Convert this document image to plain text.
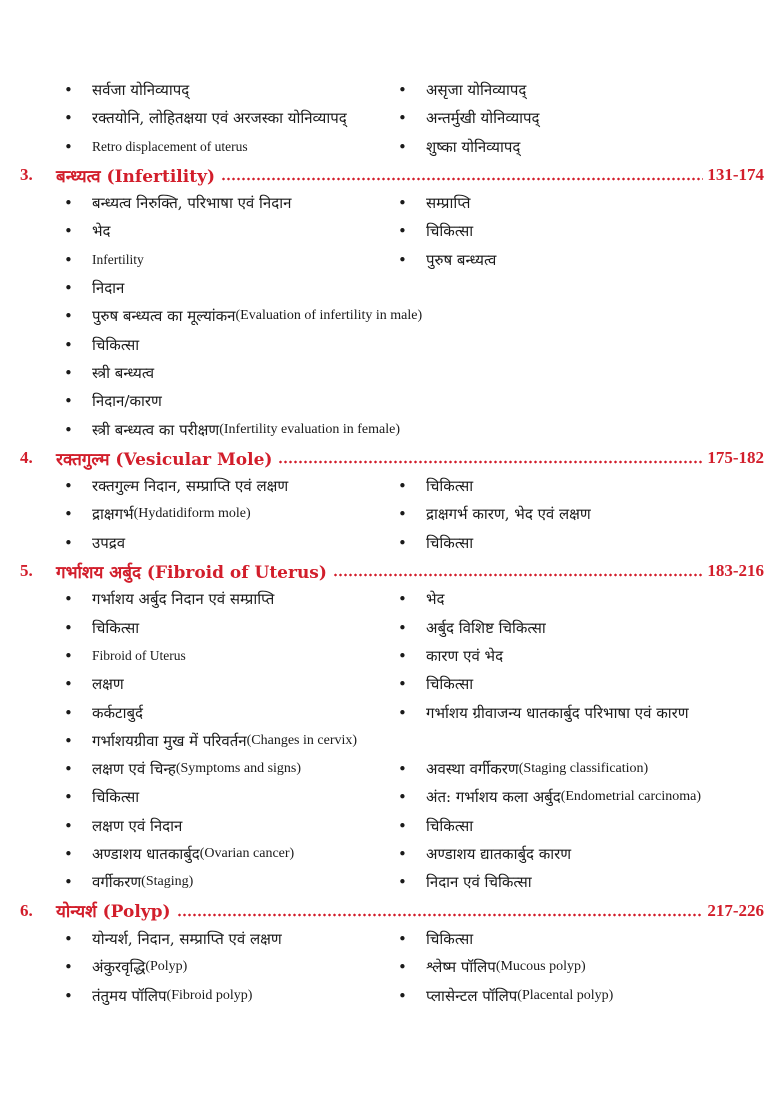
•	सर्वजा योनिव्यापद्	•	असृजा योनिव्यापद्
•	रक्तयोनि, लोहितक्षया एवं अरजस्का योनिव्यापद्	•	अन्तर्मुखी योनिव्यापद्
•	Retro displacement of uterus	•	शुष्का योनिव्यापद्
3. बन्ध्यत्व (Infertility)	131-174
•	बन्ध्यत्व निरुक्ति, परिभाषा एवं निदान	•	सम्प्राप्ति
•	भेद	•	चिकित्सा
•	Infertility	•	पुरुष बन्ध्यत्व
•	निदान
•	पुरुष बन्ध्यत्व का मूल्यांकन (Evaluation of infertility in male)
•	चिकित्सा
•	स्त्री बन्ध्यत्व
•	निदान/कारण
•	स्त्री बन्ध्यत्व का परीक्षण (Infertility evaluation in female)
4. रक्तगुल्म (Vesicular Mole)	175-182
•	रक्तगुल्म निदान, सम्प्राप्ति एवं लक्षण	•	चिकित्सा
•	द्राक्षगर्भ (Hydatidiform mole)	•	द्राक्षगर्भ कारण, भेद एवं लक्षण
•	उपद्रव	•	चिकित्सा
5. गर्भाशय अर्बुद (Fibroid of Uterus)	183-216
•	गर्भाशय अर्बुद निदान एवं सम्प्राप्ति	•	भेद
•	चिकित्सा	•	अर्बुद विशिष्ट चिकित्सा
•	Fibroid of Uterus	•	कारण एवं भेद
•	लक्षण	•	चिकित्सा
•	कर्कटाबुर्द	•	गर्भाशय ग्रीवाजन्य धातकार्बुद परिभाषा एवं कारण
•	गर्भाशयग्रीवा मुख में परिवर्तन (Changes in cervix)
•	लक्षण एवं चिन्ह (Symptoms and signs)	•	अवस्था वर्गीकरण (Staging classification)
•	चिकित्सा	•	अंत: गर्भाशय कला अर्बुद (Endometrial carcinoma)
•	लक्षण एवं निदान	•	चिकित्सा
•	अण्डाशय धातकार्बुद (Ovarian cancer)	•	अण्डाशय द्यातकार्बुद कारण
•	वर्गीकरण (Staging)	•	निदान एवं चिकित्सा
6. योन्यर्श (Polyp)	217-226
•	योन्यर्श, निदान, सम्प्राप्ति एवं लक्षण	•	चिकित्सा
•	अंकुरवृद्धि (Polyp)	•	श्लेष्म पॉलिप (Mucous polyp)
•	तंतुमय पॉलिप (Fibroid polyp)	•	प्लासेन्टल पॉलिप (Placental polyp)
